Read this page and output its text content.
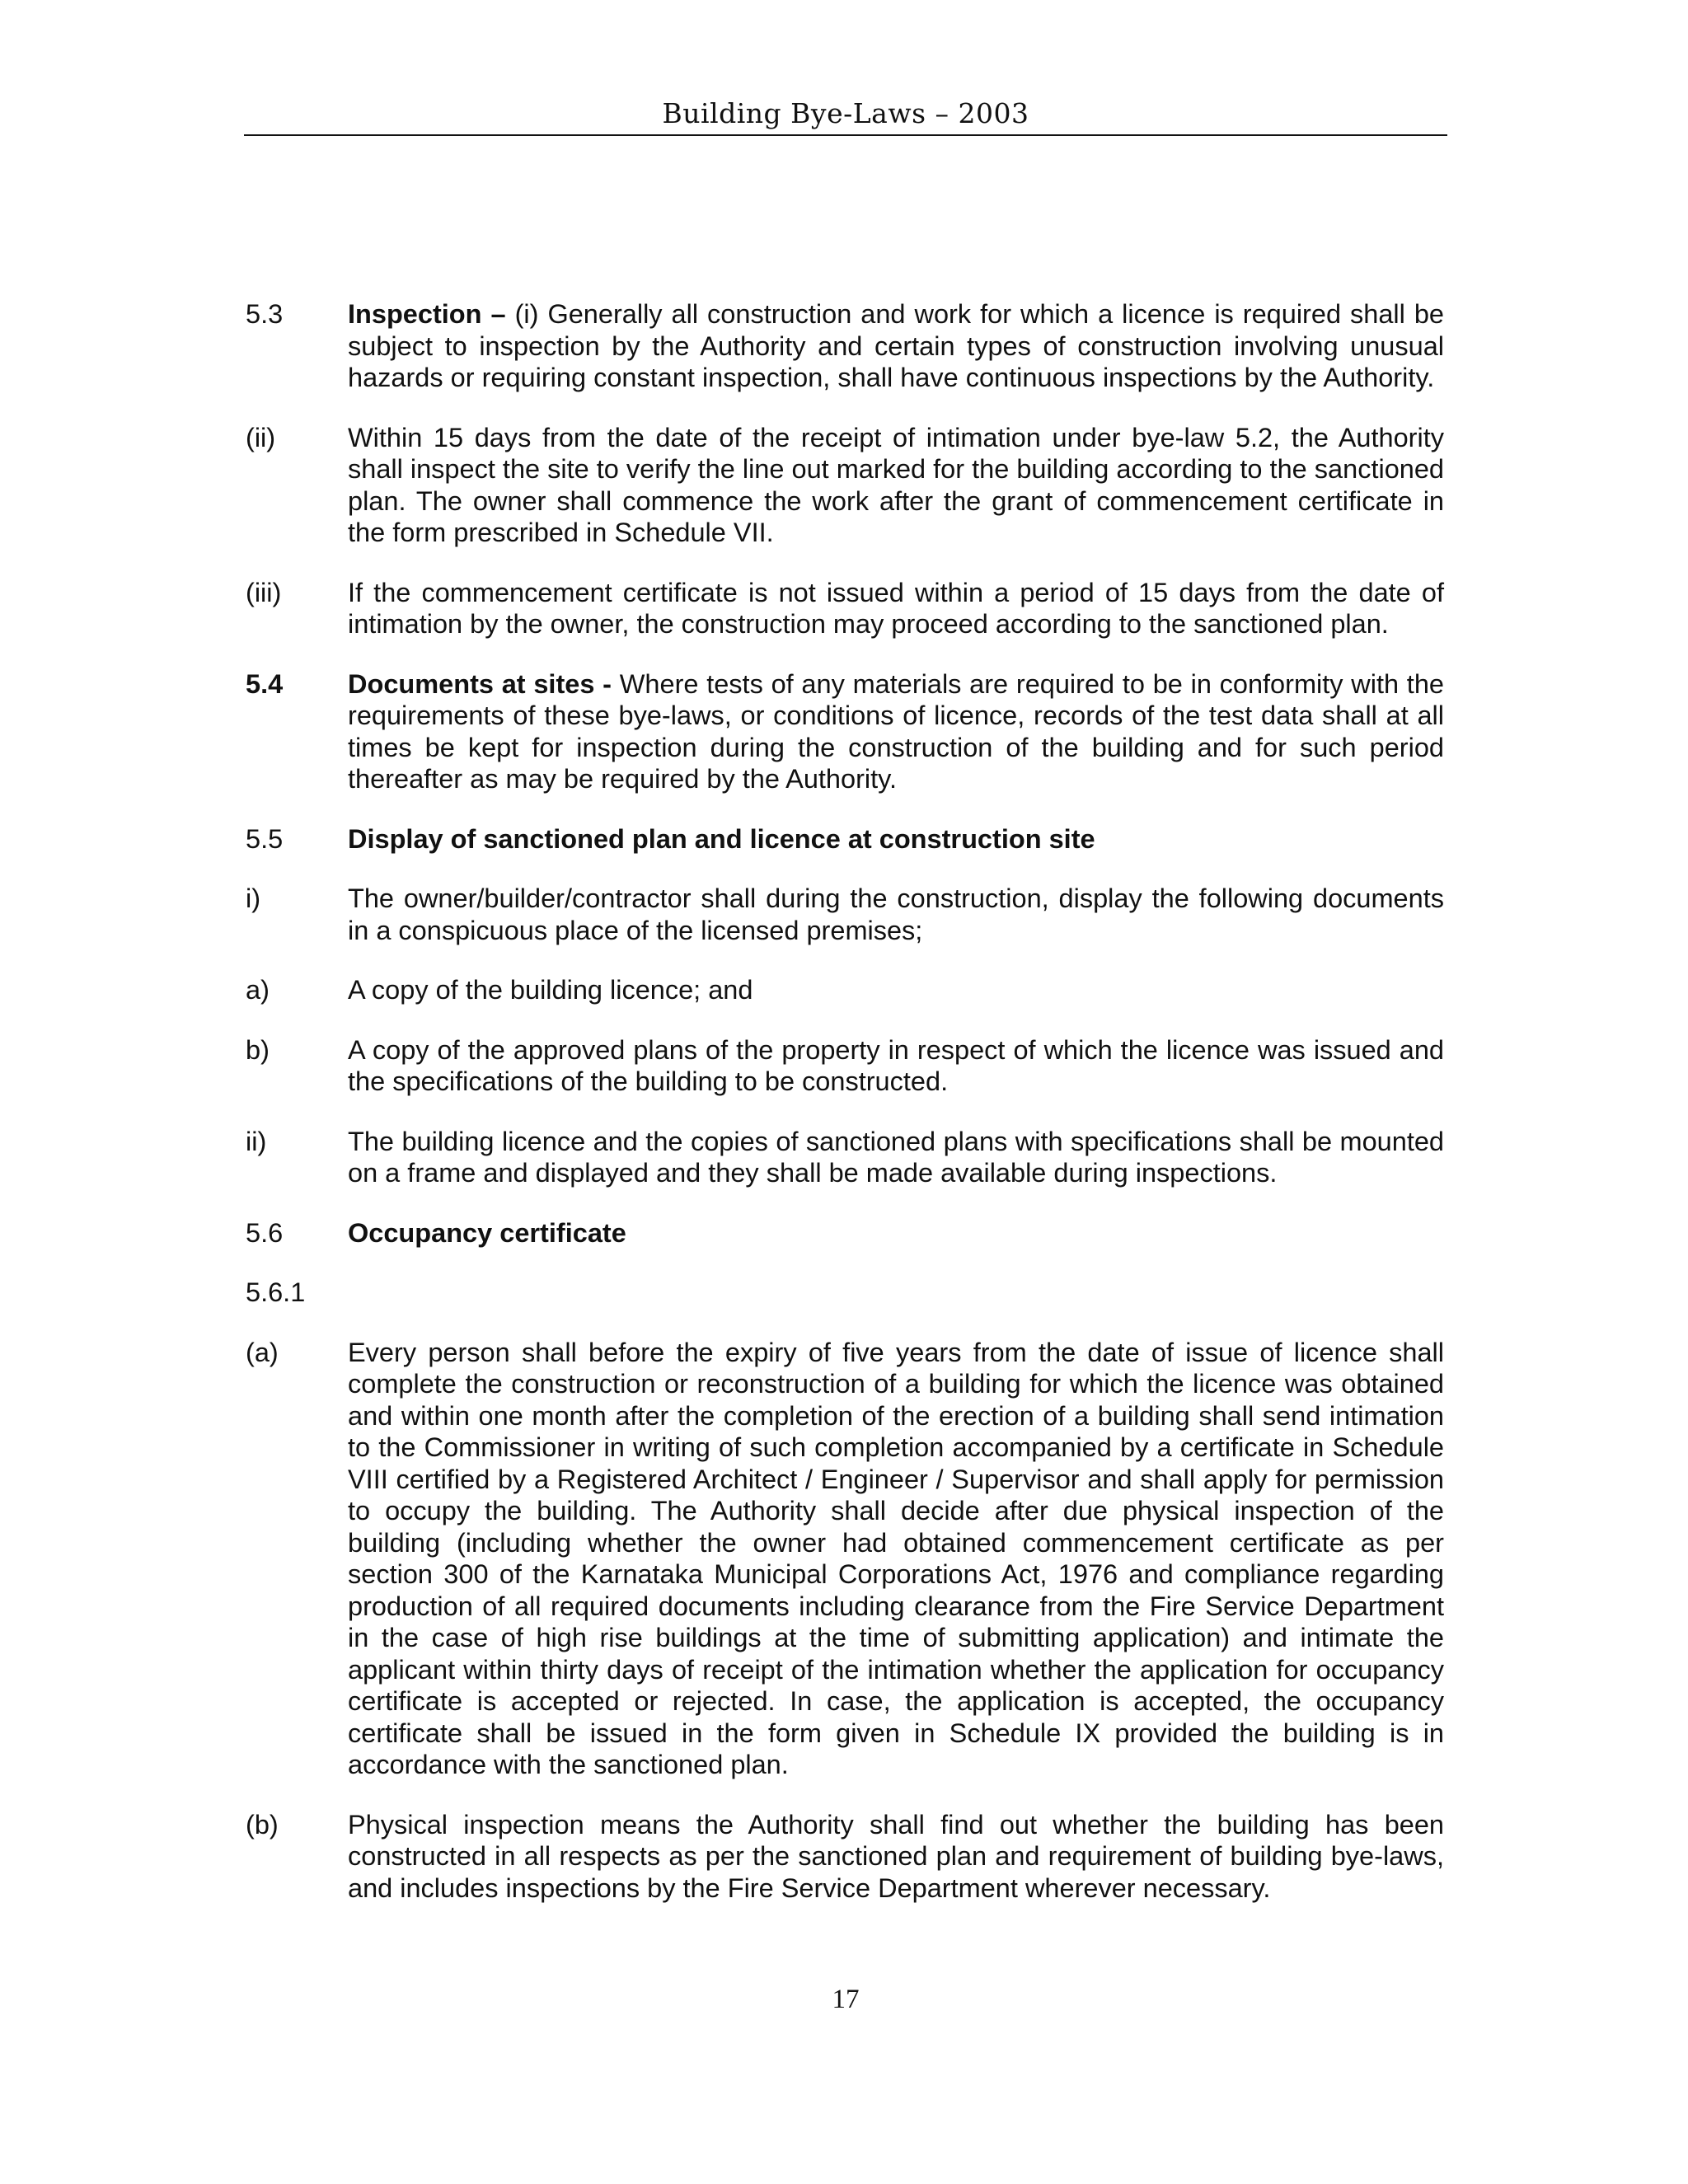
Building Bye-Laws – 2003
5.3	Inspection – (i) Generally all construction and work for which a licence is required shall be subject to inspection by the Authority and certain types of construction involving unusual hazards or requiring constant inspection, shall have continuous inspections by the Authority.
(ii)	Within 15 days from the date of the receipt of intimation under bye-law 5.2, the Authority shall inspect the site to verify the line out marked for the building according to the sanctioned plan. The owner shall commence the work after the grant of commencement certificate in the form prescribed in Schedule VII.
(iii)	If the commencement certificate is not issued within a period of 15 days from the date of intimation by the owner, the construction may proceed according to the sanctioned plan.
5.4	Documents at sites - Where tests of any materials are required to be in conformity with the requirements of these bye-laws, or conditions of licence, records of the test data shall at all times be kept for inspection during the construction of the building and for such period thereafter as may be required by the Authority.
5.5	Display of sanctioned plan and licence at construction site
i)	The owner/builder/contractor shall during the construction, display the following documents in a conspicuous place of the licensed premises;
a)	A copy of the building licence; and
b)	A copy of the approved plans of the property in respect of which the licence was issued and the specifications of the building to be constructed.
ii)	The building licence and the copies of sanctioned plans with specifications shall be mounted on a frame and displayed and they shall be made available during inspections.
5.6	Occupancy certificate
5.6.1
(a)	Every person shall before the expiry of five years from the date of issue of licence shall complete the construction or reconstruction of a building for which the licence was obtained and within one month after the completion of the erection of a building shall send intimation to the Commissioner in writing of such completion accompanied by a certificate in Schedule VIII certified by a Registered Architect / Engineer / Supervisor and shall apply for permission to occupy the building. The Authority shall decide after due physical inspection of the building (including whether the owner had obtained commencement certificate as per section 300 of the Karnataka Municipal Corporations Act, 1976 and compliance regarding production of all required documents including clearance from the Fire Service Department in the case of high rise buildings at the time of submitting application) and intimate the applicant within thirty days of receipt of the intimation whether the application for occupancy certificate is accepted or rejected. In case, the application is accepted, the occupancy certificate shall be issued in the form given in Schedule IX provided the building is in accordance with the sanctioned plan.
(b)	Physical inspection means the Authority shall find out whether the building has been constructed in all respects as per the sanctioned plan and requirement of building bye-laws, and includes inspections by the Fire Service Department wherever necessary.
17
